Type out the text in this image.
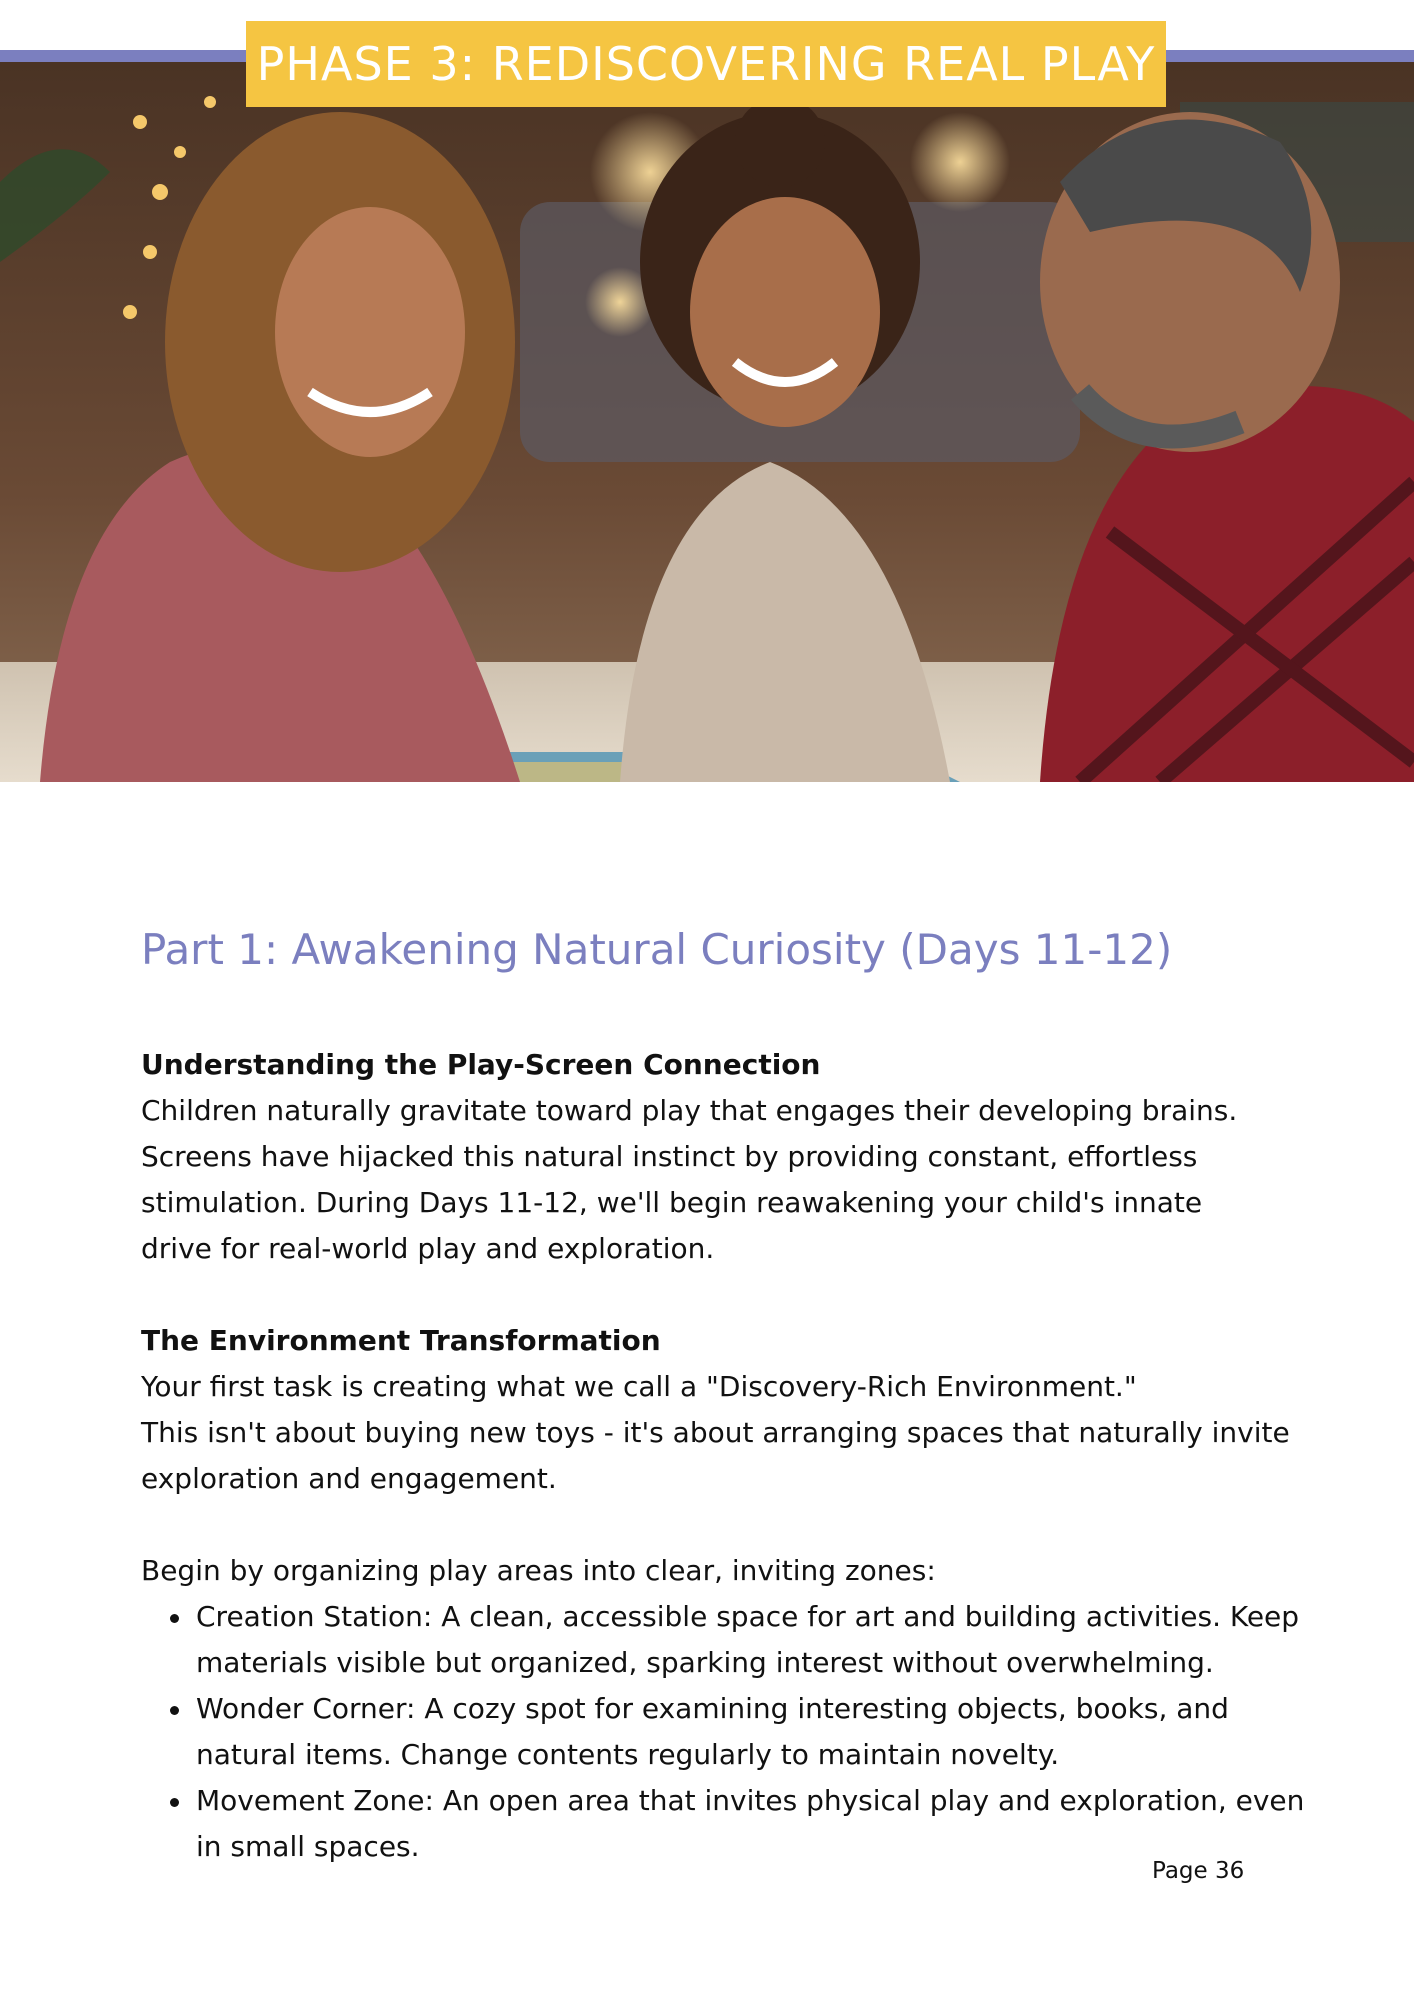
PHASE 3: REDISCOVERING REAL PLAY
Part 1: Awakening Natural Curiosity (Days 11-12)
Understanding the Play-Screen Connection

Children naturally gravitate toward play that engages their developing brains.

Screens have hijacked this natural instinct by providing constant, effortless

stimulation. During Days 11-12, we'll begin reawakening your child's innate

drive for real-world play and exploration.

The Environment Transformation

Your first task is creating what we call a "Discovery-Rich Environment."

This isn't about buying new toys - it's about arranging spaces that naturally invite

exploration and engagement.

Begin by organizing play areas into clear, inviting zones:

Creation Station: A clean, accessible space for art and building activities. Keep
materials visible but organized, sparking interest without overwhelming.
Wonder Corner: A cozy spot for examining interesting objects, books, and
natural items. Change contents regularly to maintain novelty.
Movement Zone: An open area that invites physical play and exploration, even
in small spaces.
Page 36
